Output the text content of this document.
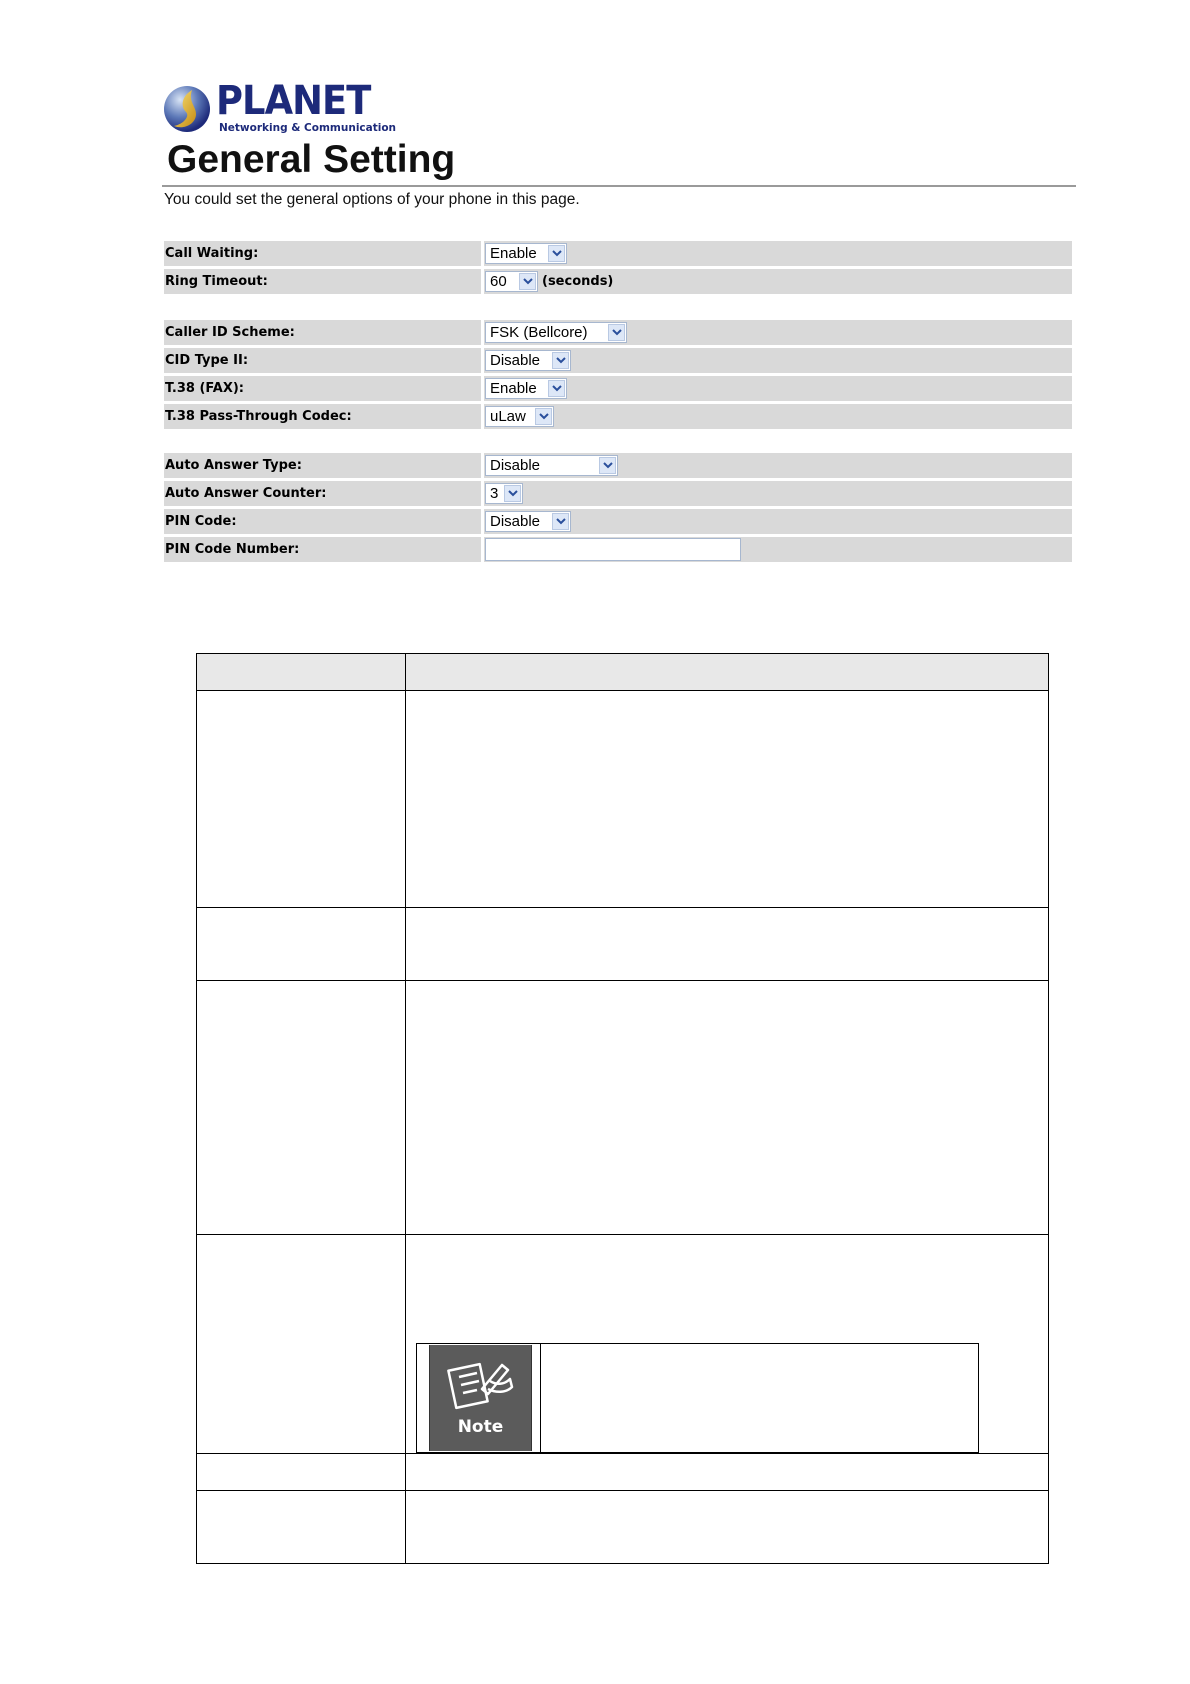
PLANET
Networking & Communication
General Setting
You could set the general options of your phone in this page.
Call Waiting:	Enable
Ring Timeout:	60	(seconds)
Caller ID Scheme:	FSK (Bellcore)
CID Type II:	Disable
T.38 (FAX):	Enable
T.38 Pass-Through Codec:	uLaw
Auto Answer Type:	Disable
Auto Answer Counter:	3
PIN Code:	Disable
PIN Code Number:

Note
